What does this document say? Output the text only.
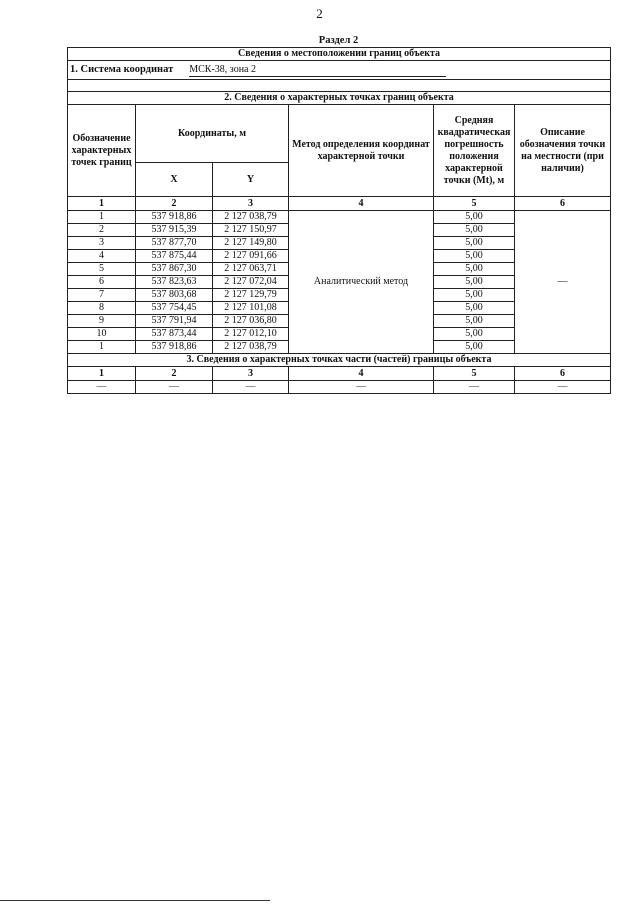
2
Раздел 2
Сведения о местоположении границ объекта					
1. Система координат МСК-38, зона 2					

2. Сведения о характерных точках границ объекта					
Обозначение характерных точек границ	Координаты, м		Метод определения координат характерной точки	Средняя квадратическая погрешность положения характерной точки (Mt), м	Описание обозначения точки на местности (при наличии)
	X	Y			
1	2	3	4	5	6
1	537 918,86	2 127 038,79	Аналитический метод	5,00	—
2	537 915,39	2 127 150,97		5,00	
3	537 877,70	2 127 149,80		5,00	
4	537 875,44	2 127 091,66		5,00	
5	537 867,30	2 127 063,71		5,00	
6	537 823,63	2 127 072,04		5,00	
7	537 803,68	2 127 129,79		5,00	
8	537 754,45	2 127 101,08		5,00	
9	537 791,94	2 127 036,80		5,00	
10	537 873,44	2 127 012,10		5,00	
1	537 918,86	2 127 038,79		5,00	
3. Сведения о характерных точках части (частей) границы объекта					
1	2	3	4	5	6
—	—	—	—	—	—
